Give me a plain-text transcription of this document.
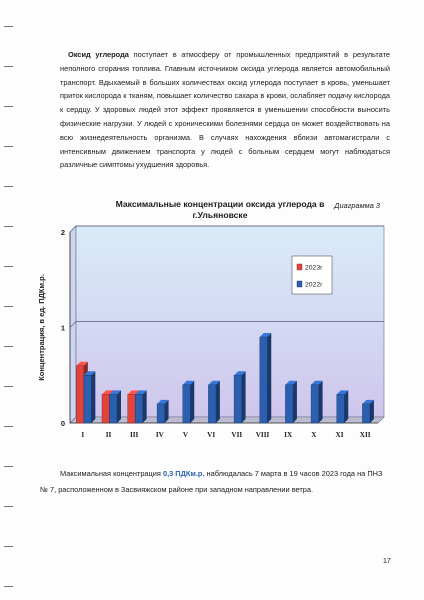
Оксид углерода поступает в атмосферу от промышленных предприятий в результате неполного сгорания топлива. Главным источником оксида углерода является автомобильный транспорт. Вдыхаемый в больших количествах оксид углерода поступает в кровь, уменьшает приток кислорода к тканям, повышает количество сахара в крови, ослабляет подачу кислорода к сердцу. У здоровых людей этот эффект проявляется в уменьшении способности выносить физические нагрузки. У людей с хроническими болезнями сердца он может воздействовать на всю жизнедеятельность организма. В случаях нахождения вблизи автомагистрали с интенсивным движением транспорта у людей с больным сердцем могут наблюдаться различные симптомы ухудшения здоровья.

Диаграмма 3
Максимальные концентрации оксида углерода в г.Ульяновске
0
1
2
Концентрация, в ед. ПДКм.р.
I	II	III IV	V	VI VII VIII IX	X	XI XII
2023г
2022г

Максимальная концентрация 0,3 ПДКм.р. наблюдалась 7 марта в 19 часов 2023 года на ПНЗ № 7, расположенном в Засвияжском районе при западном направлении ветра.

17
